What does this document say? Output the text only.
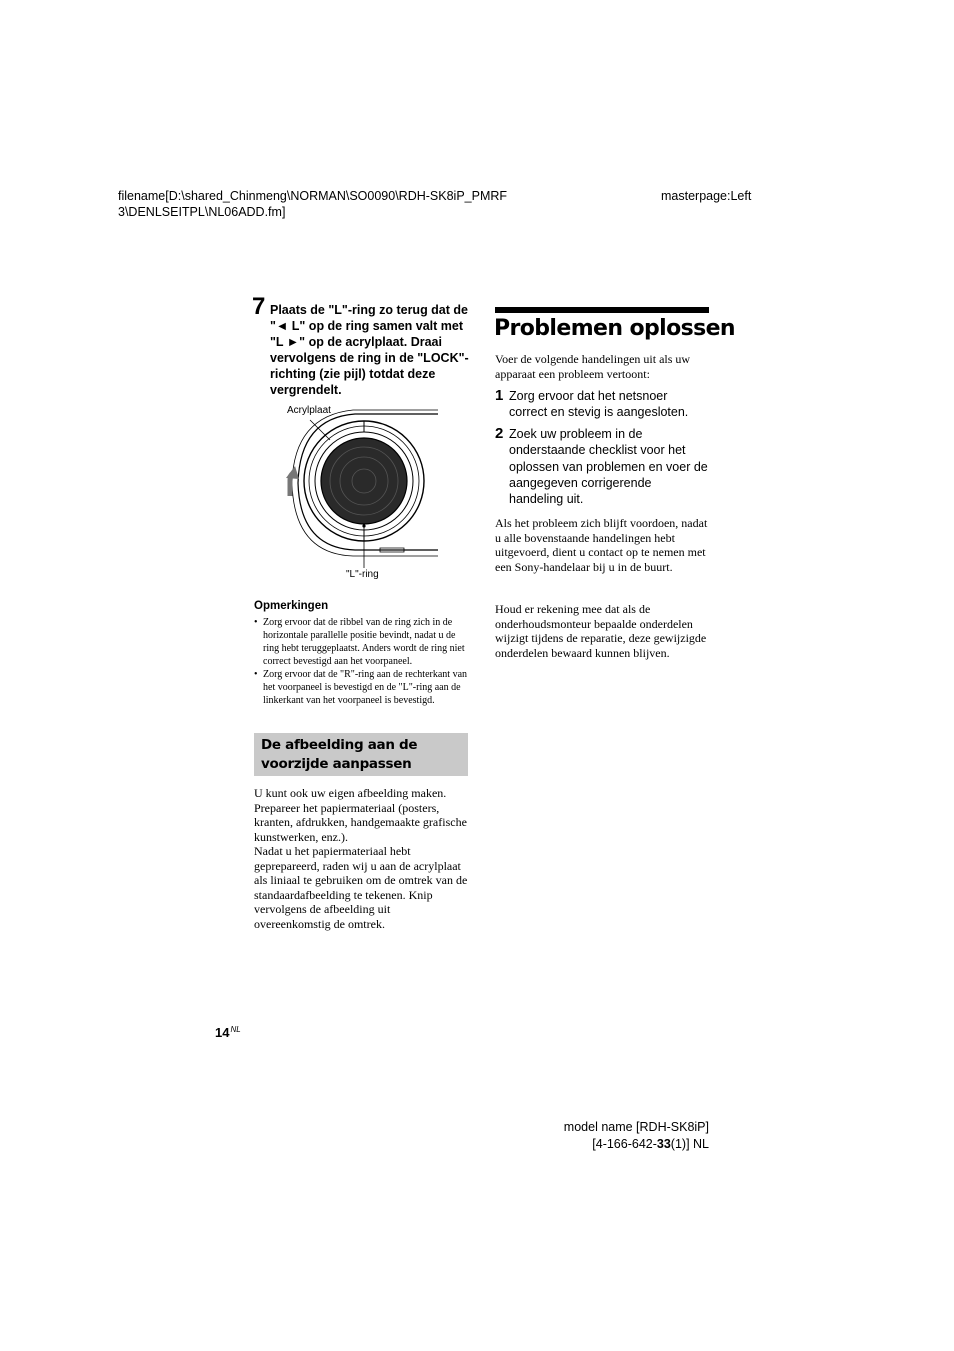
filename[D:\shared_Chinmeng\NORMAN\SO0090\RDH-SK8iP_PMRF 3\DENLSEITPL\NL06ADD.fm]
masterpage:Left
7 Plaats de "L"-ring zo terug dat de "◄ L" op de ring samen valt met "L ►" op de acrylplaat. Draai vervolgens de ring in de "LOCK"-richting (zie pijl) totdat deze vergrendelt.
Acrylplaat
"L"-ring
Opmerkingen
• Zorg ervoor dat de ribbel van de ring zich in de horizontale parallelle positie bevindt, nadat u de ring hebt teruggeplaatst. Anders wordt de ring niet correct bevestigd aan het voorpaneel.
• Zorg ervoor dat de "R"-ring aan de rechterkant van het voorpaneel is bevestigd en de "L"-ring aan de linkerkant van het voorpaneel is bevestigd.
De afbeelding aan de voorzijde aanpassen
U kunt ook uw eigen afbeelding maken. Prepareer het papiermateriaal (posters, kranten, afdrukken, handgemaakte grafische kunstwerken, enz.).
Nadat u het papiermateriaal hebt geprepareerd, raden wij u aan de acrylplaat als liniaal te gebruiken om de omtrek van de standaardafbeelding te tekenen. Knip vervolgens de afbeelding uit overeenkomstig de omtrek.
Problemen oplossen
Voer de volgende handelingen uit als uw apparaat een probleem vertoont:
1 Zorg ervoor dat het netsnoer correct en stevig is aangesloten.
2 Zoek uw probleem in de onderstaande checklist voor het oplossen van problemen en voer de aangegeven corrigerende handeling uit.
Als het probleem zich blijft voordoen, nadat u alle bovenstaande handelingen hebt uitgevoerd, dient u contact op te nemen met een Sony-handelaar bij u in de buurt.
Houd er rekening mee dat als de onderhoudsmonteur bepaalde onderdelen wijzigt tijdens de reparatie, deze gewijzigde onderdelen bewaard kunnen blijven.
$14^{NL}$
model name [RDH-SK8iP]
[4-166-642-33(1)] NL
